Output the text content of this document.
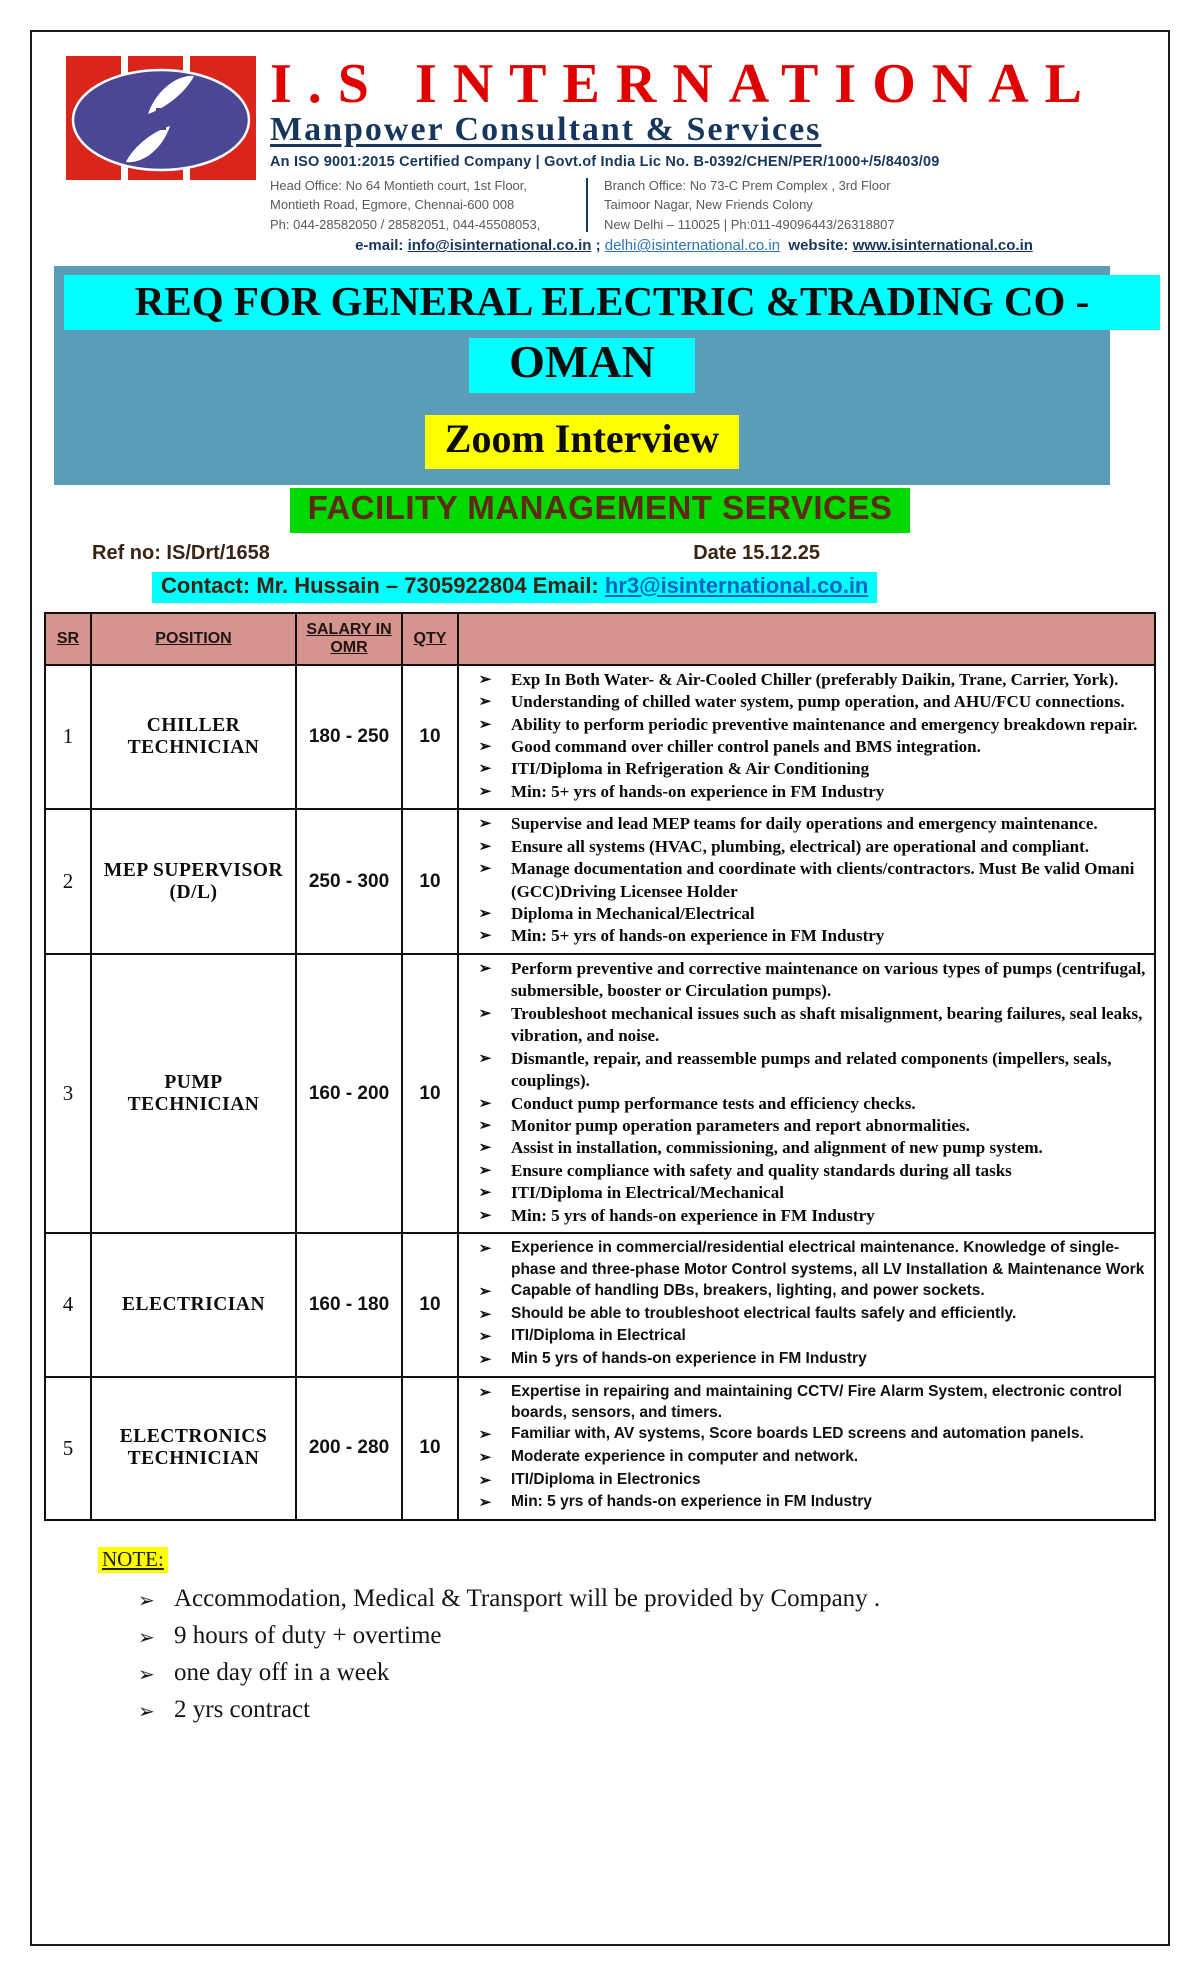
I.S INTERNATIONAL
Manpower Consultant & Services
An ISO 9001:2015 Certified Company | Govt.of India Lic No. B-0392/CHEN/PER/1000+/5/8403/09
Head Office: No 64 Montieth court, 1st Floor,
Montieth Road, Egmore, Chennai-600 008
Ph: 044-28582050 / 28582051, 044-45508053,
Branch Office: No 73-C Prem Complex , 3rd Floor
Taimoor Nagar, New Friends Colony
New Delhi – 110025 | Ph:011-49096443/26318807
e-mail: info@isinternational.co.in ; delhi@isinternational.co.in website: www.isinternational.co.in
REQ FOR GENERAL ELECTRIC &TRADING CO -
OMAN
Zoom Interview
FACILITY MANAGEMENT SERVICES
Ref no: IS/Drt/1658	Date 15.12.25
Contact: Mr. Hussain – 7305922804 Email: hr3@isinternational.co.in
SR	POSITION	SALARY IN OMR	QTY	
1	CHILLER TECHNICIAN	180 - 250	10	
➢	Exp In Both Water- & Air-Cooled Chiller (preferably Daikin, Trane, Carrier, York).
➢	Understanding of chilled water system, pump operation, and AHU/FCU connections.
➢	Ability to perform periodic preventive maintenance and emergency breakdown repair.
➢	Good command over chiller control panels and BMS integration.
➢	ITI/Diploma in Refrigeration & Air Conditioning
➢	Min: 5+ yrs of hands-on experience in FM Industry

2	MEP SUPERVISOR (D/L)	250 - 300	10	
➢	Supervise and lead MEP teams for daily operations and emergency maintenance.
➢	Ensure all systems (HVAC, plumbing, electrical) are operational and compliant.
➢	Manage documentation and coordinate with clients/contractors. Must Be valid Omani (GCC)Driving Licensee Holder
➢	Diploma in Mechanical/Electrical
➢	Min: 5+ yrs of hands-on experience in FM Industry

3	PUMP TECHNICIAN	160 - 200	10	
➢	Perform preventive and corrective maintenance on various types of pumps (centrifugal, submersible, booster or Circulation pumps).
➢	Troubleshoot mechanical issues such as shaft misalignment, bearing failures, seal leaks, vibration, and noise.
➢	Dismantle, repair, and reassemble pumps and related components (impellers, seals, couplings).
➢	Conduct pump performance tests and efficiency checks.
➢	Monitor pump operation parameters and report abnormalities.
➢	Assist in installation, commissioning, and alignment of new pump system.
➢	Ensure compliance with safety and quality standards during all tasks
➢	ITI/Diploma in Electrical/Mechanical
➢	Min: 5 yrs of hands-on experience in FM Industry

4	ELECTRICIAN	160 - 180	10	
➢	Experience in commercial/residential electrical maintenance. Knowledge of single-phase and three-phase Motor Control systems, all LV Installation & Maintenance Work
➢	Capable of handling DBs, breakers, lighting, and power sockets.
➢	Should be able to troubleshoot electrical faults safely and efficiently.
➢	ITI/Diploma in Electrical
➢	Min 5 yrs of hands-on experience in FM Industry

5	ELECTRONICS TECHNICIAN	200 - 280	10	
➢	Expertise in repairing and maintaining CCTV/ Fire Alarm System, electronic control boards, sensors, and timers.
➢	Familiar with, AV systems, Score boards LED screens and automation panels.
➢	Moderate experience in computer and network.
➢	ITI/Diploma in Electronics
➢	Min: 5 yrs of hands-on experience in FM Industry
NOTE:
➢ Accommodation, Medical & Transport will be provided by Company .
➢ 9 hours of duty + overtime
➢ one day off in a week
➢ 2 yrs contract
